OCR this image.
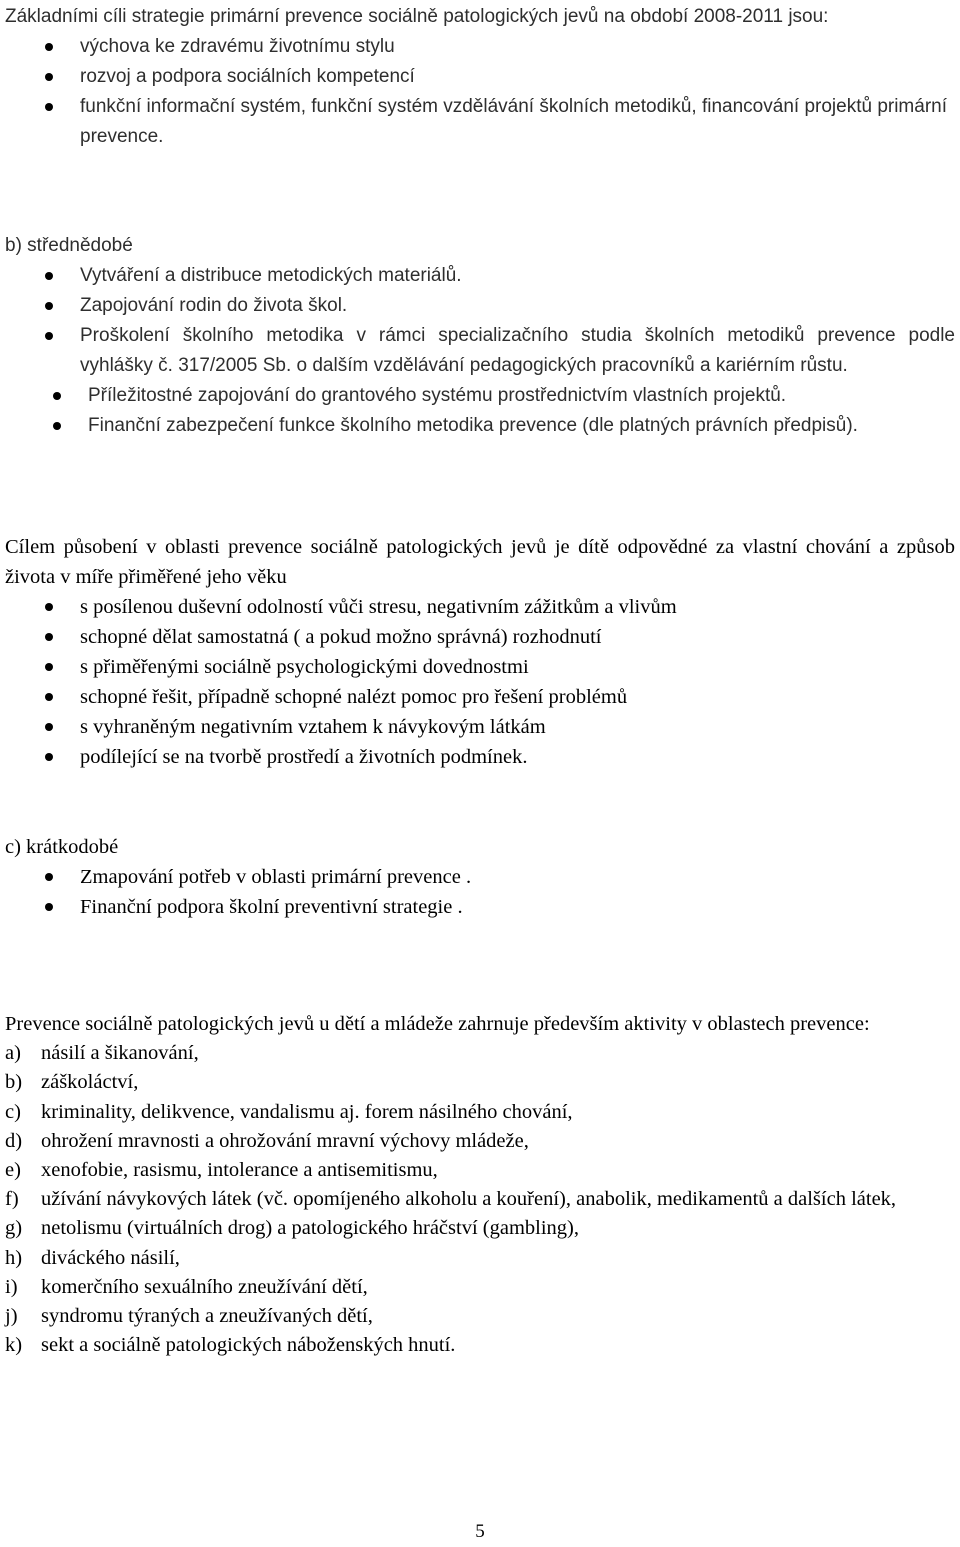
Základními cíli strategie primární prevence sociálně patologických jevů na období 2008-2011 jsou:

výchova ke zdravému životnímu stylu
rozvoj a podpora sociálních kompetencí
funkční informační systém, funkční systém vzdělávání školních metodiků, financování projektů primární prevence.

b) střednědobé

Vytváření a distribuce metodických materiálů.
Zapojování rodin do života škol.
Proškolení školního metodika v rámci specializačního studia školních metodiků prevence podle vyhlášky č. 317/2005 Sb. o dalším vzdělávání pedagogických pracovníků a kariérním růstu.
Příležitostné zapojování do grantového systému prostřednictvím vlastních projektů.
Finanční zabezpečení funkce školního metodika prevence (dle platných právních předpisů).

Cílem působení v oblasti prevence sociálně patologických jevů je dítě odpovědné za vlastní chování a způsob života v míře přiměřené jeho věku

s posílenou duševní odolností vůči stresu, negativním zážitkům a vlivům
schopné dělat samostatná ( a pokud možno správná) rozhodnutí
s přiměřenými sociálně psychologickými dovednostmi
schopné řešit, případně schopné nalézt pomoc pro řešení problémů
s vyhraněným negativním vztahem k návykovým látkám
podílející se na tvorbě prostředí a životních podmínek.

c) krátkodobé

Zmapování potřeb v oblasti primární prevence .
Finanční podpora školní preventivní strategie .

Prevence sociálně patologických jevů u dětí a mládeže zahrnuje především aktivity v oblastech prevence:

a) násilí a šikanování,
b) záškoláctví,
c) kriminality, delikvence, vandalismu aj. forem násilného chování,
d) ohrožení mravnosti a ohrožování mravní výchovy mládeže,
e) xenofobie, rasismu, intolerance a antisemitismu,
f) užívání návykových látek (vč. opomíjeného alkoholu a kouření), anabolik, medikamentů a dalších látek,
g) netolismu (virtuálních drog) a patologického hráčství (gambling),
h) diváckého násilí,
i) komerčního sexuálního zneužívání dětí,
j) syndromu týraných a zneužívaných dětí,
k) sekt a sociálně patologických náboženských hnutí.
5
